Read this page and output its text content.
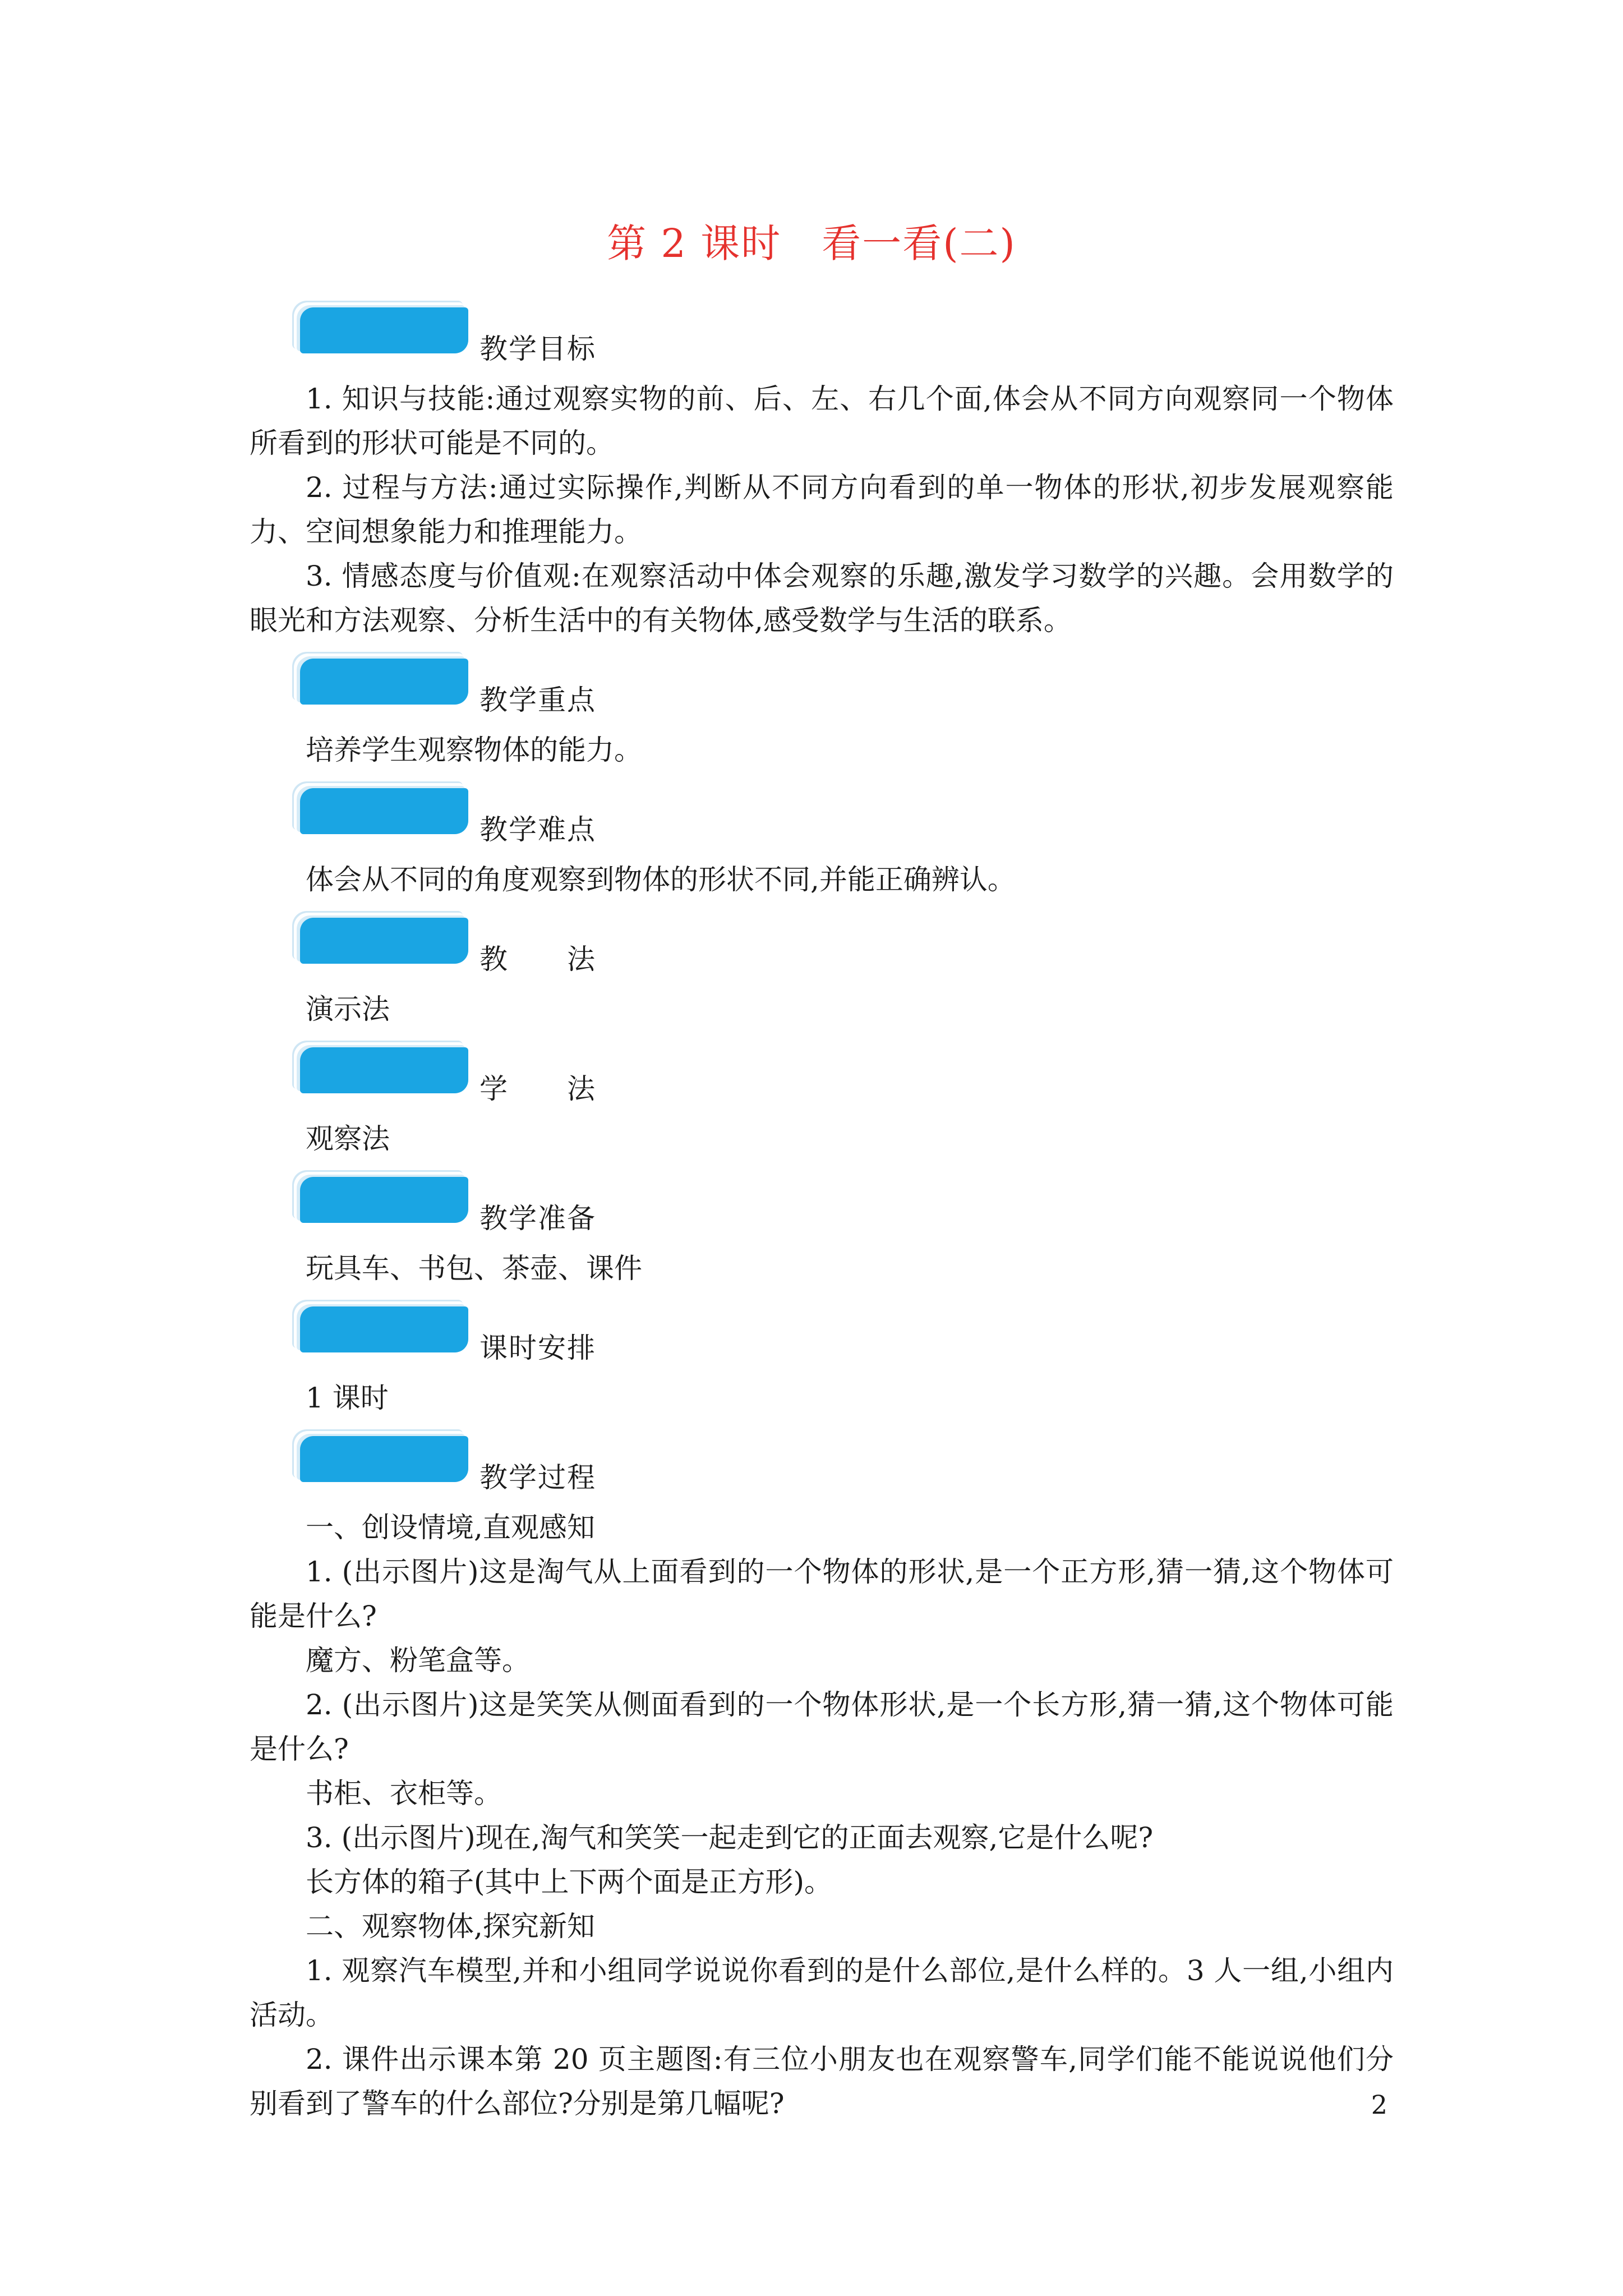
第 2 课时　看一看(二)
教学目标

1. 知识与技能:通过观察实物的前、后、左、右几个面,体会从不同方向观察同一个物体所看到的形状可能是不同的。

2. 过程与方法:通过实际操作,判断从不同方向看到的单一物体的形状,初步发展观察能力、空间想象能力和推理能力。

3. 情感态度与价值观:在观察活动中体会观察的乐趣,激发学习数学的兴趣。会用数学的眼光和方法观察、分析生活中的有关物体,感受数学与生活的联系。

教学重点

培养学生观察物体的能力。

教学难点

体会从不同的角度观察到物体的形状不同,并能正确辨认。

教　　法

演示法

学　　法

观察法

教学准备

玩具车、书包、茶壶、课件

课时安排

1 课时

教学过程

一、创设情境,直观感知

1. (出示图片)这是淘气从上面看到的一个物体的形状,是一个正方形,猜一猜,这个物体可能是什么?

魔方、粉笔盒等。

2. (出示图片)这是笑笑从侧面看到的一个物体形状,是一个长方形,猜一猜,这个物体可能是什么?

书柜、衣柜等。

3. (出示图片)现在,淘气和笑笑一起走到它的正面去观察,它是什么呢?

长方体的箱子(其中上下两个面是正方形)。

二、观察物体,探究新知

1. 观察汽车模型,并和小组同学说说你看到的是什么部位,是什么样的。3 人一组,小组内活动。

2. 课件出示课本第 20 页主题图:有三位小朋友也在观察警车,同学们能不能说说他们分别看到了警车的什么部位?分别是第几幅呢?	2
